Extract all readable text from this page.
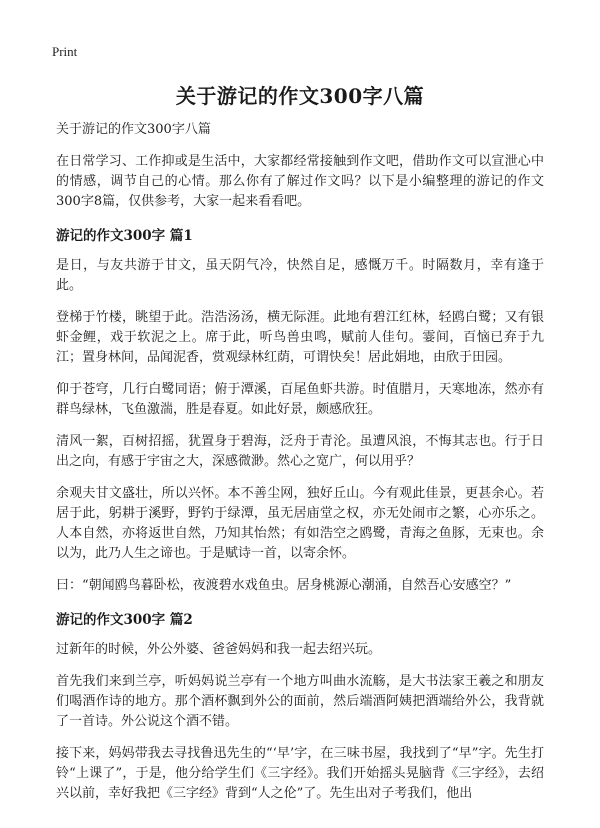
Print
关于游记的作文300字八篇

关于游记的作文300字八篇

在日常学习、工作抑或是生活中，大家都经常接触到作文吧，借助作文可以宣泄心中的情感，调节自己的心情。那么你有了解过作文吗？以下是小编整理的游记的作文300字8篇，仅供参考，大家一起来看看吧。

游记的作文300字 篇1

是日，与友共游于甘文，虽天阴气冷，快然自足，感慨万千。时隔数月，幸有逢于此。

登梯于竹楼，眺望于此。浩浩汤汤，横无际涯。此地有碧江红林，轻鸥白鹭；又有银虾金鲤，戏于软泥之上。席于此，听鸟兽虫鸣，赋前人佳句。霎间，百恼已弃于九江；置身林间，品闻泥香，赏观绿林红荫，可谓快矣！居此娟地，由欣于田园。

仰于苍穹，几行白鹭同语；俯于潭溪，百尾鱼虾共游。时值腊月，天寒地冻，然亦有群鸟绿林，飞鱼激湍，胜是春夏。如此好景，颇感欣狂。

清风一絮，百树招摇，犹置身于碧海，泛舟于青沦。虽遭风浪，不悔其志也。行于日出之向，有感于宇宙之大，深感微渺。然心之宽广，何以用乎？

余观夫甘文盛壮，所以兴怀。本不善尘网，独好丘山。今有观此佳景，更甚余心。若居于此，躬耕于溪野，野钓于绿潭，虽无居庙堂之权，亦无处闹市之繁，心亦乐之。人本自然，亦将返世自然，乃知其怡然；有如浩空之鸥鹭，青海之鱼豚，无束也。余以为，此乃人生之谛也。于是赋诗一首，以寄余怀。

曰：“朝闻鸥鸟暮卧松，夜渡碧水戏鱼虫。居身桃源心潮涌，自然吾心安感空？”

游记的作文300字 篇2

过新年的时候，外公外婆、爸爸妈妈和我一起去绍兴玩。

首先我们来到兰亭，听妈妈说兰亭有一个地方叫曲水流觞，是大书法家王羲之和朋友们喝酒作诗的地方。那个酒杯飘到外公的面前，然后端酒阿姨把酒端给外公，我背就了一首诗。外公说这个酒不错。

接下来，妈妈带我去寻找鲁迅先生的“‘早’字，在三味书屋，我找到了“早”字。先生打铃“上课了”，于是，他分给学生们《三字经》。我们开始摇头晃脑背《三字经》，去绍兴以前，幸好我把《三字经》背到“人之伦”了。先生出对子考我们，他出
